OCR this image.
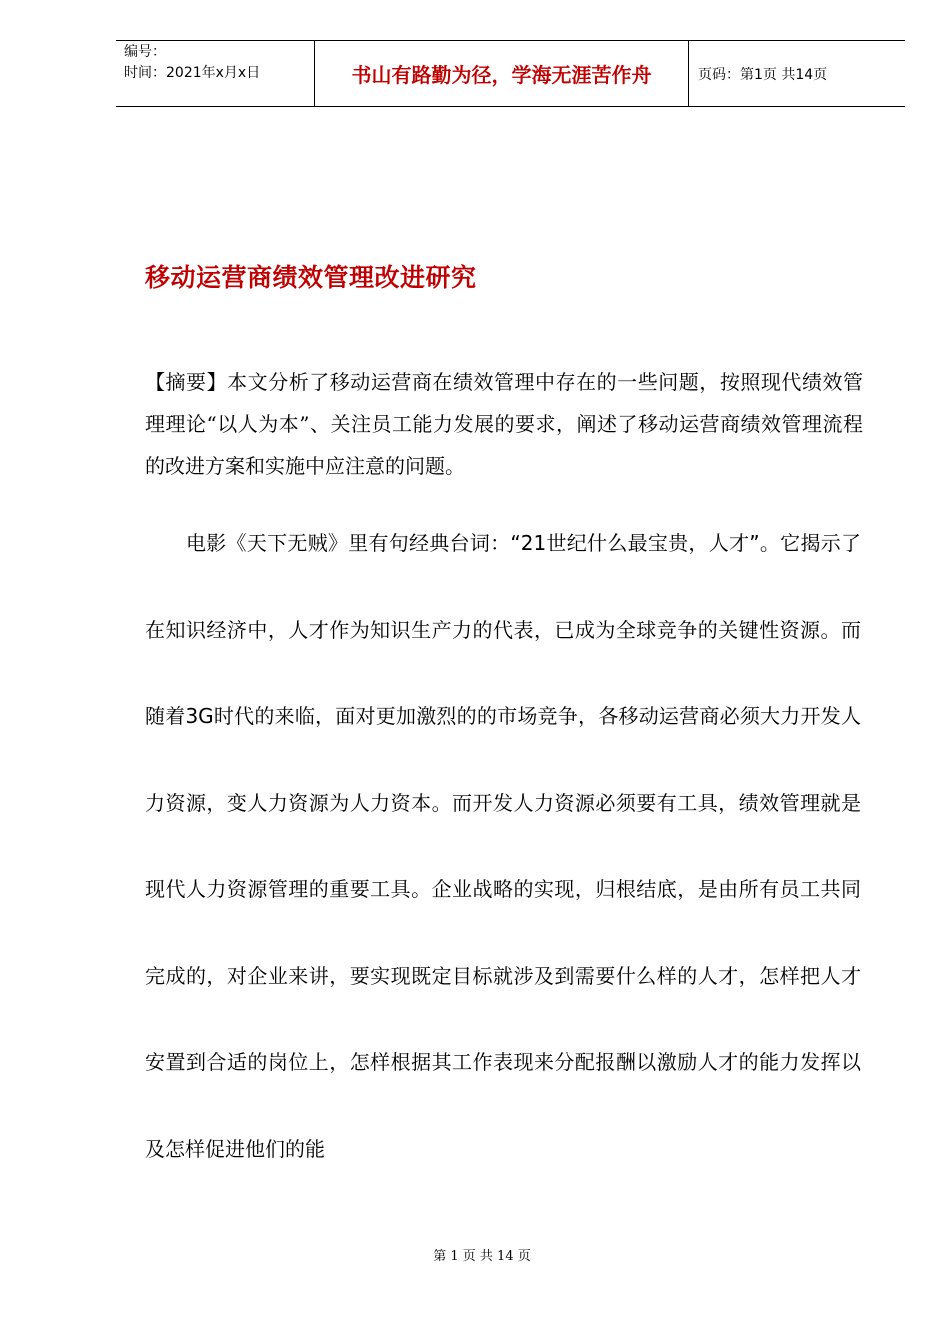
编号：
时间：2021年x月x日	书山有路勤为径，学海无涯苦作舟	页码：第1页 共14页
移动运营商绩效管理改进研究
【摘要】本文分析了移动运营商在绩效管理中存在的一些问题，按照现代绩效管理理论“以人为本”、关注员工能力发展的要求，阐述了移动运营商绩效管理流程的改进方案和实施中应注意的问题。
电影《天下无贼》里有句经典台词：“21世纪什么最宝贵，人才”。它揭示了在知识经济中，人才作为知识生产力的代表，已成为全球竞争的关键性资源。而随着3G时代的来临，面对更加激烈的的市场竞争，各移动运营商必须大力开发人力资源，变人力资源为人力资本。而开发人力资源必须要有工具，绩效管理就是现代人力资源管理的重要工具。企业战略的实现，归根结底，是由所有员工共同完成的，对企业来讲，要实现既定目标就涉及到需要什么样的人才，怎样把人才安置到合适的岗位上，怎样根据其工作表现来分配报酬以激励人才的能力发挥以及怎样促进他们的能
第 1 页 共 14 页
